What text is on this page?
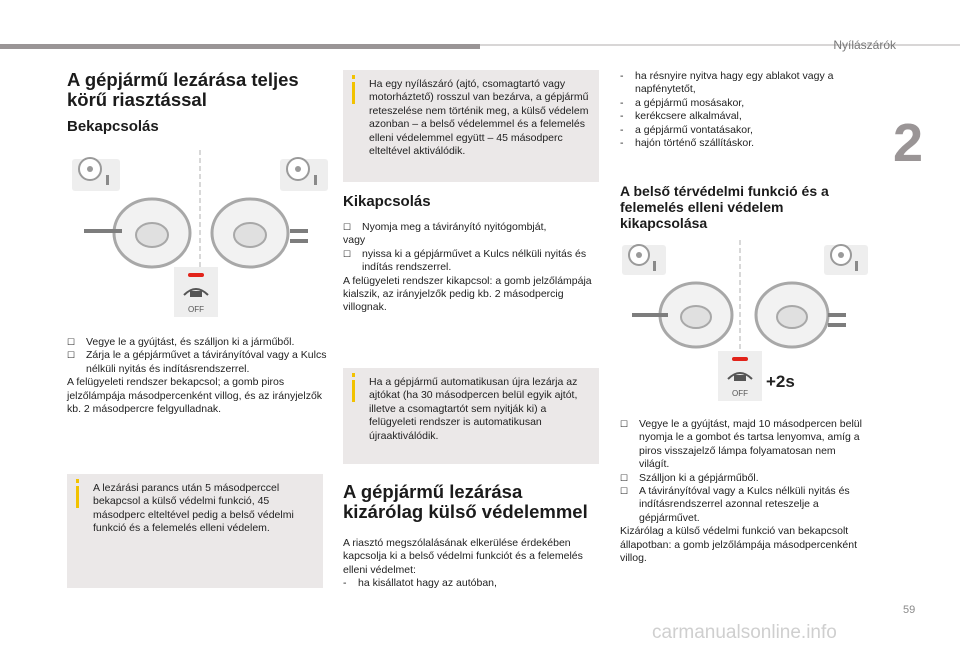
Nyílászárók
2
59
carmanualsonline.info
A gépjármű lezárása teljes körű riasztással
Bekapcsolás
OFF
☐ Vegye le a gyújtást, és szálljon ki a járműből.
☐ Zárja le a gépjárművet a távirányítóval vagy a Kulcs nélküli nyitás és indításrendszerrel.

A felügyeleti rendszer bekapcsol; a gomb piros jelzőlámpája másodpercenként villog, és az irányjelzők kb. 2 másodpercre felgyulladnak.

A lezárási parancs után 5 másodperccel bekapcsol a külső védelmi funkció, 45 másodperc elteltével pedig a belső védelmi funkció és a felemelés elleni védelem.
Ha egy nyílászáró (ajtó, csomagtartó vagy motorháztető) rosszul van bezárva, a gépjármű reteszelése nem történik meg, a külső védelem azonban – a belső védelemmel és a felemelés elleni védelemmel együtt – 45 másodperc elteltével aktiválódik.
Kikapcsolás
☐ Nyomja meg a távirányító nyitógombját,

vagy

☐ nyissa ki a gépjárművet a Kulcs nélküli nyitás és indítás rendszerrel.

A felügyeleti rendszer kikapcsol: a gomb jelzőlámpája kialszik, az irányjelzők pedig kb. 2 másodpercig villognak.

Ha a gépjármű automatikusan újra lezárja az ajtókat (ha 30 másodpercen belül egyik ajtót, illetve a csomagtartót sem nyitják ki) a felügyeleti rendszer is automatikusan újraaktiválódik.
A gépjármű lezárása kizárólag külső védelemmel

A riasztó megszólalásának elkerülése érdekében kapcsolja ki a belső védelmi funkciót és a felemelés elleni védelmet:

- ha kisállatot hagy az autóban,
- ha résnyire nyitva hagy egy ablakot vagy a napfénytetőt,
- a gépjármű mosásakor,
- kerékcsere alkalmával,
- a gépjármű vontatásakor,
- hajón történő szállításkor.
A belső térvédelmi funkció és a felemelés elleni védelem kikapcsolása
OFF
+2s
☐ Vegye le a gyújtást, majd 10 másodpercen belül nyomja le a gombot és tartsa lenyomva, amíg a piros visszajelző lámpa folyamatosan nem világít.
☐ Szálljon ki a gépjárműből.
☐ A távirányítóval vagy a Kulcs nélküli nyitás és indításrendszerrel azonnal reteszelje a gépjárművet.

Kizárólag a külső védelmi funkció van bekapcsolt állapotban: a gomb jelzőlámpája másodpercenként villog.
